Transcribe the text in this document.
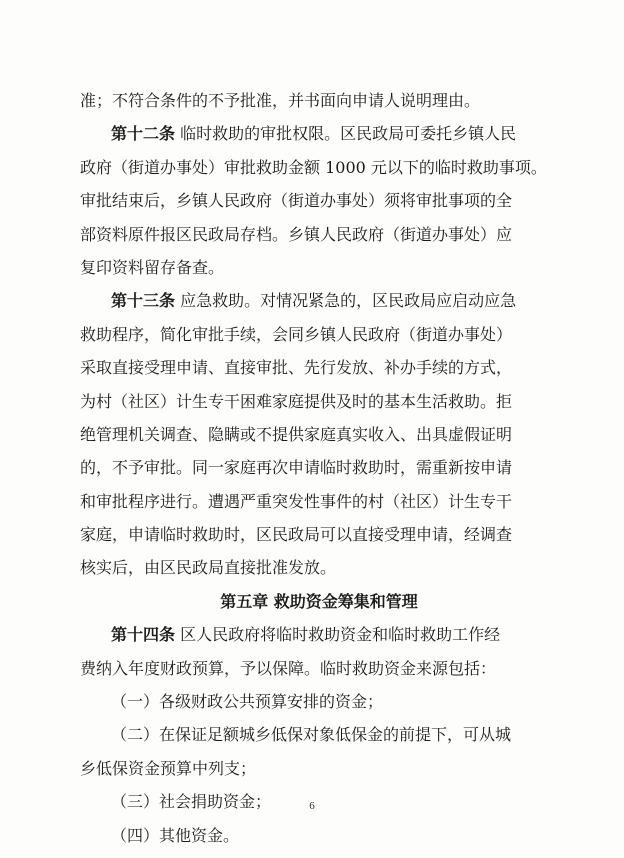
准；不符合条件的不予批准，并书面向申请人说明理由。
第十二条 临时救助的审批权限。区民政局可委托乡镇人民
政府（街道办事处）审批救助金额 1000 元以下的临时救助事项。
审批结束后，乡镇人民政府（街道办事处）须将审批事项的全
部资料原件报区民政局存档。乡镇人民政府（街道办事处）应
复印资料留存备查。
第十三条 应急救助。对情况紧急的，区民政局应启动应急
救助程序，简化审批手续，会同乡镇人民政府（街道办事处）
采取直接受理申请、直接审批、先行发放、补办手续的方式，
为村（社区）计生专干困难家庭提供及时的基本生活救助。拒
绝管理机关调查、隐瞒或不提供家庭真实收入、出具虚假证明
的，不予审批。同一家庭再次申请临时救助时，需重新按申请
和审批程序进行。遭遇严重突发性事件的村（社区）计生专干
家庭，申请临时救助时，区民政局可以直接受理申请，经调查
核实后，由区民政局直接批准发放。
第五章 救助资金筹集和管理
第十四条 区人民政府将临时救助资金和临时救助工作经
费纳入年度财政预算，予以保障。临时救助资金来源包括：
（一）各级财政公共预算安排的资金；
（二）在保证足额城乡低保对象低保金的前提下，可从城
乡低保资金预算中列支；
（三）社会捐助资金；
（四）其他资金。
6
